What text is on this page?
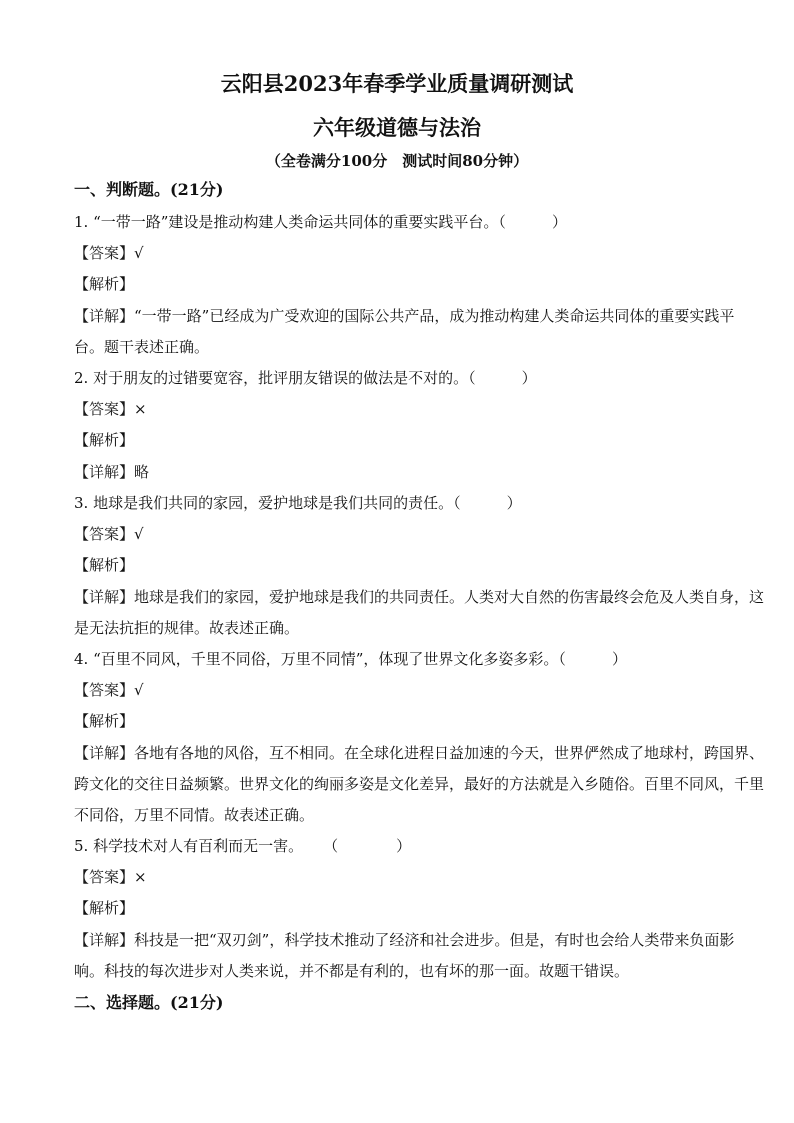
云阳县2023年春季学业质量调研测试
六年级道德与法治
（全卷满分100分　测试时间80分钟）
一、判断题。(21分)
1. “一带一路”建设是推动构建人类命运共同体的重要实践平台。（	）
【答案】√
【解析】
【详解】“一带一路”已经成为广受欢迎的国际公共产品，成为推动构建人类命运共同体的重要实践平
台。题干表述正确。
2. 对于朋友的过错要宽容，批评朋友错误的做法是不对的。（	）
【答案】×
【解析】
【详解】略
3. 地球是我们共同的家园，爱护地球是我们共同的责任。（	）
【答案】√
【解析】
【详解】地球是我们的家园，爱护地球是我们的共同责任。人类对大自然的伤害最终会危及人类自身，这
是无法抗拒的规律。故表述正确。
4. “百里不同风，千里不同俗，万里不同情”，体现了世界文化多姿多彩。（	）
【答案】√
【解析】
【详解】各地有各地的风俗，互不相同。在全球化进程日益加速的今天，世界俨然成了地球村，跨国界、
跨文化的交往日益频繁。世界文化的绚丽多姿是文化差异，最好的方法就是入乡随俗。百里不同风，千里
不同俗，万里不同情。故表述正确。
5. 科学技术对人有百利而无一害。 （	）
【答案】×
【解析】
【详解】科技是一把“双刃剑”，科学技术推动了经济和社会进步。但是，有时也会给人类带来负面影
响。科技的每次进步对人类来说，并不都是有利的，也有坏的那一面。故题干错误。
二、选择题。(21分)
